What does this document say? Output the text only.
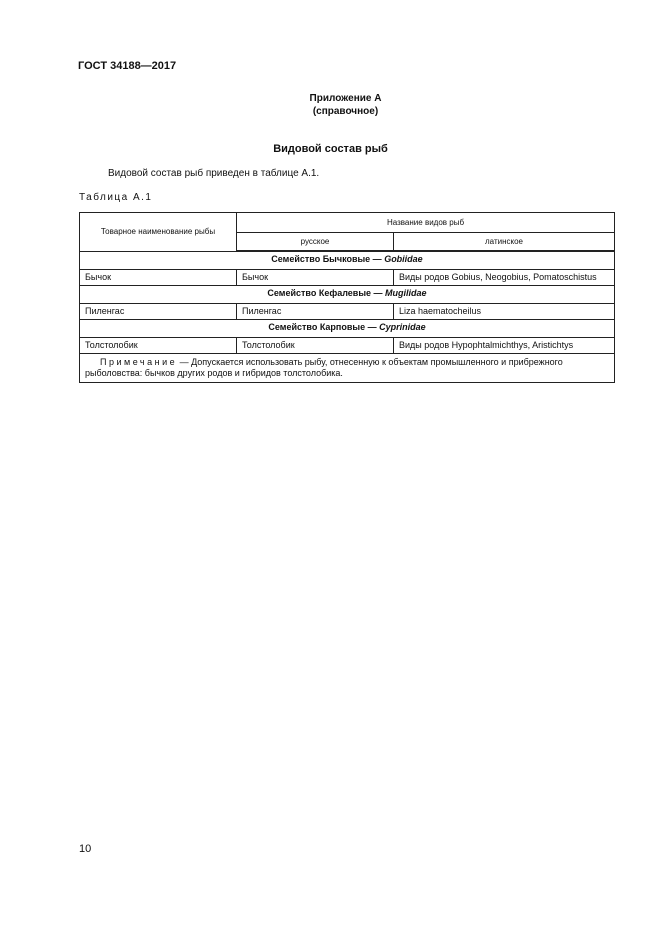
ГОСТ 34188—2017
Приложение А
(справочное)
Видовой состав рыб
Видовой состав рыб приведен в таблице А.1.
Таблица А.1
Товарное наименование рыбы	Название видов рыб	
	русское	латинское
Семейство Бычковые — Gobiidae		
Бычок	Бычок	Виды родов Gobius, Neogobius, Pomatoschistus
Семейство Кефалевые — Mugilidae		
Пиленгас	Пиленгас	Liza haematocheilus
Семейство Карповые — Cyprinidae		
Толстолобик	Толстолобик	Виды родов Hypophtalmichthys, Aristichtys
Примечание — Допускается использовать рыбу, отнесенную к объектам промышленного и прибрежного рыболовства: бычков других родов и гибридов толстолобика.		
10
